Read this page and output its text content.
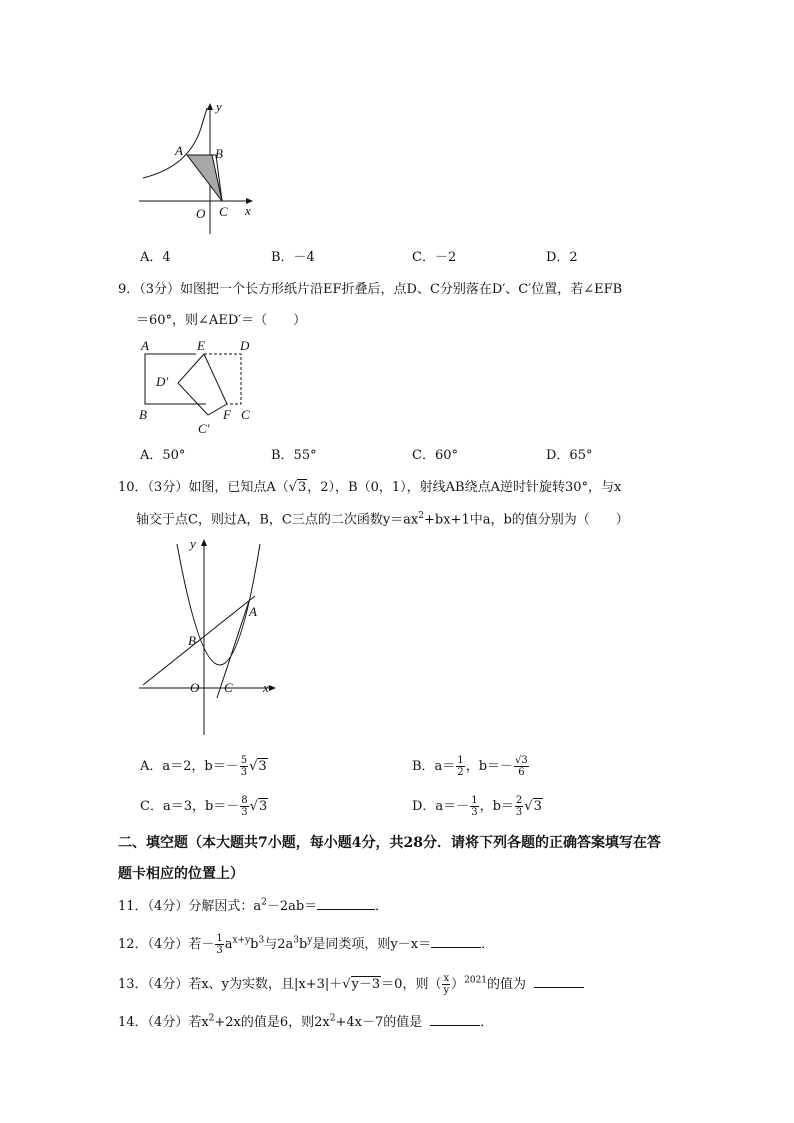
y
A B
x
O C
A．4	B．－4	C．－2	D．2
9．（3分）如图把一个长方形纸片沿EF折叠后，点D、C分别落在D′、C′位置，若∠EFB
＝60°，则∠AED′＝（　　）
A	E	D
D′
B	F C
C′
A．50°	B．55°	C．60°	D．65°
10．（3分）如图，已知点A（√3，2），B（0，1），射线AB绕点A逆时针旋转30°，与x
轴交于点C，则过A，B，C三点的二次函数$y=ax^2+bx+1$中a，b的值分别为（　　）
y
A
B
O C x
A．a＝2，$b=- \frac{5}{3} √3$	B．$a= \frac{1}{2}$ ，$b=- \frac{√3}{6}$
C．a＝3，$b=- \frac{8}{3} √3$	D．$a=- \frac{1}{3}$ ，$b= \frac{2}{3} √3$
二、填空题（本大题共7小题，每小题4分，共28分．请将下列各题的正确答案填写在答
题卡相应的位置上）
11．（4分）分解因式：$a^2-2ab=$	．
12．（4分）若－ $\frac{1}{3} a^{x+y}b^3$与$2a^3b^y$是同类项，则y－x＝	．
13．（4分）若x、y为实数，且|x+3|＋√y－3＝0，则（ $\frac{x}{y} )^{2021}$的值为
14．（4分）若$x^2+2x$的值是6，则$2x^2+4x-7$的值是	．
